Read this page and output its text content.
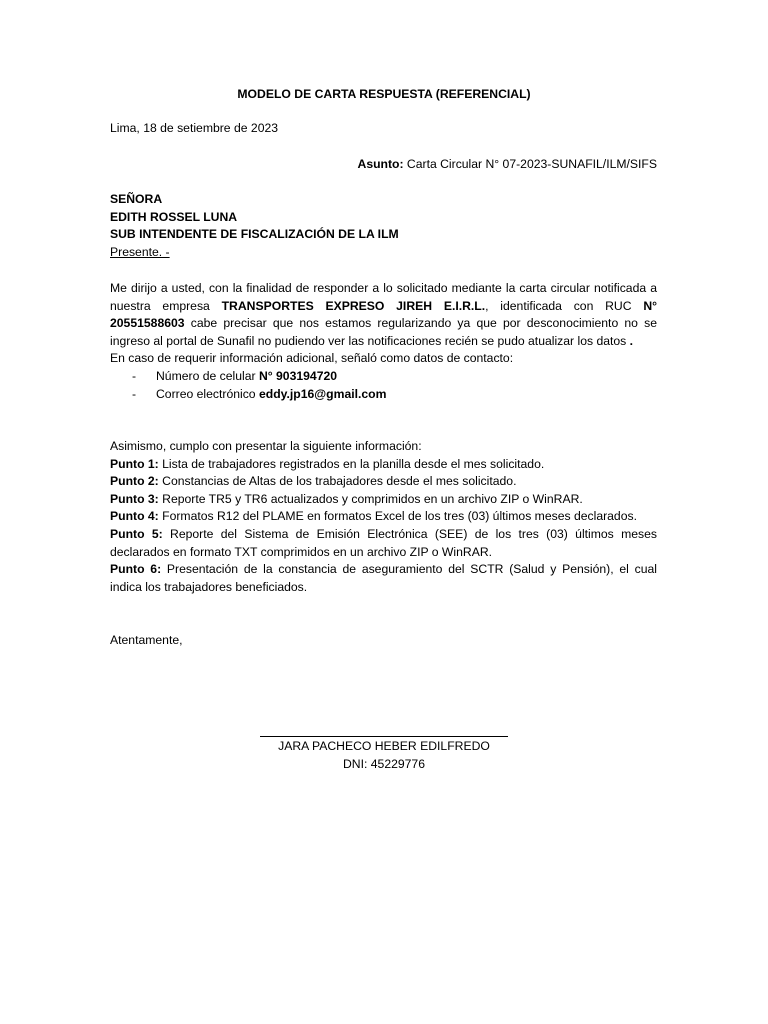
MODELO DE CARTA RESPUESTA (REFERENCIAL)
Lima, 18 de setiembre de 2023
Asunto: Carta Circular N° 07-2023-SUNAFIL/ILM/SIFS
SEÑORA
EDITH ROSSEL LUNA
SUB INTENDENTE DE FISCALIZACIÓN DE LA ILM
Presente. -

Me dirijo a usted, con la finalidad de responder a lo solicitado mediante la carta circular notificada a nuestra empresa TRANSPORTES EXPRESO JIREH E.I.R.L., identificada con RUC N° 20551588603 cabe precisar que nos estamos regularizando ya que por desconocimiento no se ingreso al portal de Sunafil no pudiendo ver las notificaciones recién se pudo atualizar los datos .

En caso de requerir información adicional, señaló como datos de contacto:

- Número de celular N° 903194720
- Correo electrónico eddy.jp16@gmail.com

Asimismo, cumplo con presentar la siguiente información:

Punto 1: Lista de trabajadores registrados en la planilla desde el mes solicitado.

Punto 2: Constancias de Altas de los trabajadores desde el mes solicitado.

Punto 3: Reporte TR5 y TR6 actualizados y comprimidos en un archivo ZIP o WinRAR.

Punto 4: Formatos R12 del PLAME en formatos Excel de los tres (03) últimos meses declarados.

Punto 5: Reporte del Sistema de Emisión Electrónica (SEE) de los tres (03) últimos meses declarados en formato TXT comprimidos en un archivo ZIP o WinRAR.

Punto 6: Presentación de la constancia de aseguramiento del SCTR (Salud y Pensión), el cual indica los trabajadores beneficiados.

Atentamente,
JARA PACHECO HEBER EDILFREDO
DNI: 45229776
